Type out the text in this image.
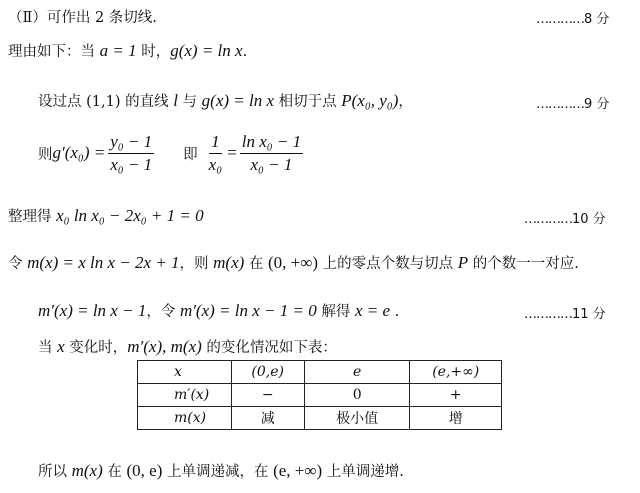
（Ⅱ）可作出 2 条切线.	…………8 分
理由如下：当 a = 1 时，g(x) = ln x.
设过点 (1,1) 的直线 l 与 g(x) = ln x 相切于点 P(x₀, y₀)，	…………9 分
则 $g'(x_0) = \frac{\text{y₀ − 1}}{\text{x₀ − 1}}$ 即 $\frac{1}{\text{x₀}} = \frac{\text{ln x₀ − 1}}{\text{x₀ − 1}}$
整理得 x₀ ln x₀ − 2x₀ + 1 = 0	…………10 分
令 m(x) = x ln x − 2x + 1，则 m(x) 在 (0, +∞) 上的零点个数与切点 P 的个数一一对应.
m′(x) = ln x − 1，令 m′(x) = ln x − 1 = 0 解得 x = e .	…………11 分
当 x 变化时，m′(x), m(x) 的变化情况如下表：
x	(0,e)	e	(e,+∞)
m′(x)	−	0	+
m(x)	减	极小值	增
所以 m(x) 在 (0, e) 上单调递减，在 (e, +∞) 上单调递增.
